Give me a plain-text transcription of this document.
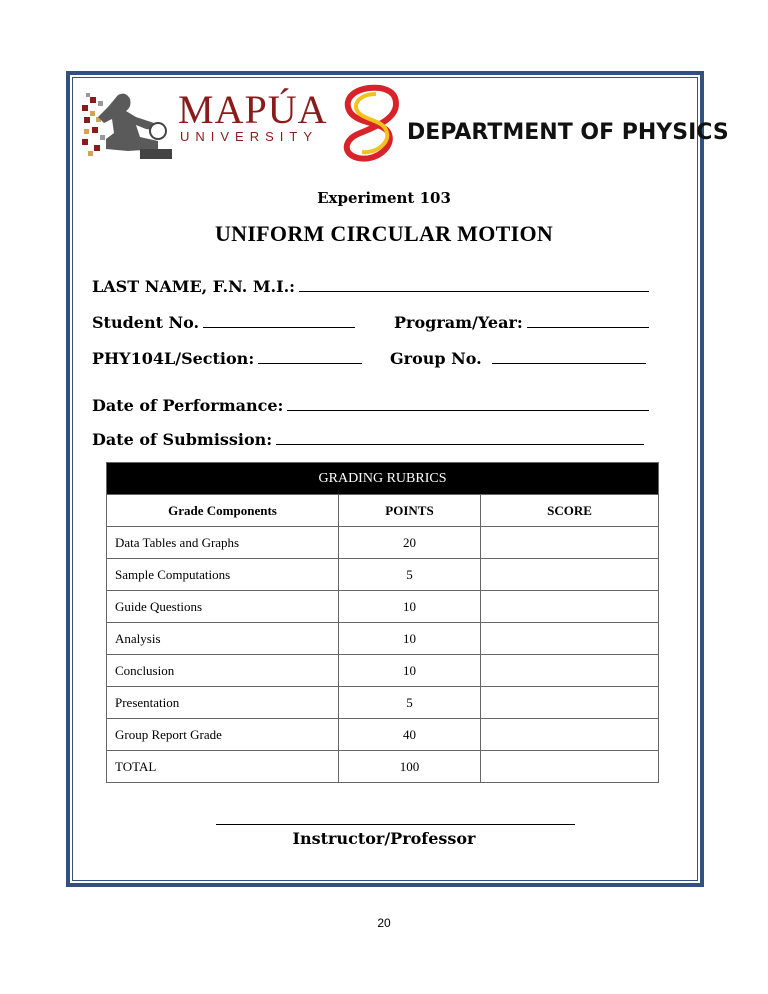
MAPÚA
UNIVERSITY	DEPARTMENT OF PHYSICS
Experiment 103
UNIFORM CIRCULAR MOTION
LAST NAME, F.N. M.I.:
Student No.	Program/Year:
PHY104L/Section:	Group No.
Date of Performance:
Date of Submission:
GRADING RUBRICS		
Grade Components	POINTS	SCORE
Data Tables and Graphs	20	
Sample Computations	5	
Guide Questions	10	
Analysis	10	
Conclusion	10	
Presentation	5	
Group Report Grade	40	
TOTAL	100	
Instructor/Professor
20
